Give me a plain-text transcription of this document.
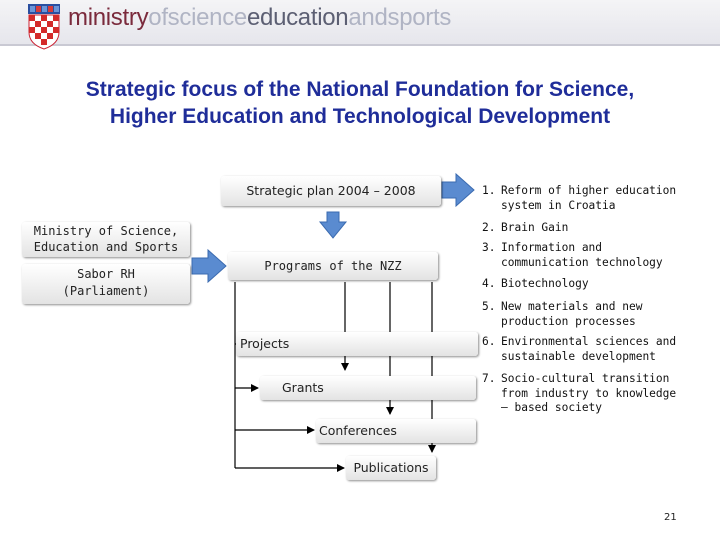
ministryofscienceeducationandsports
Strategic focus of the National Foundation for Science,
Higher Education and Technological Development
Strategic plan 2004 – 2008
Ministry of Science,
Education and Sports
Sabor RH
(Parliament)
Programs of the NZZ
Projects
Grants
Conferences
Publications
1. Reform of higher education
system in Croatia
2. Brain Gain
3. Information and
communication technology
4. Biotechnology
5. New materials and new
production processes
6. Environmental sciences and
sustainable development
7. Socio-cultural transition
from industry to knowledge
– based society
21
